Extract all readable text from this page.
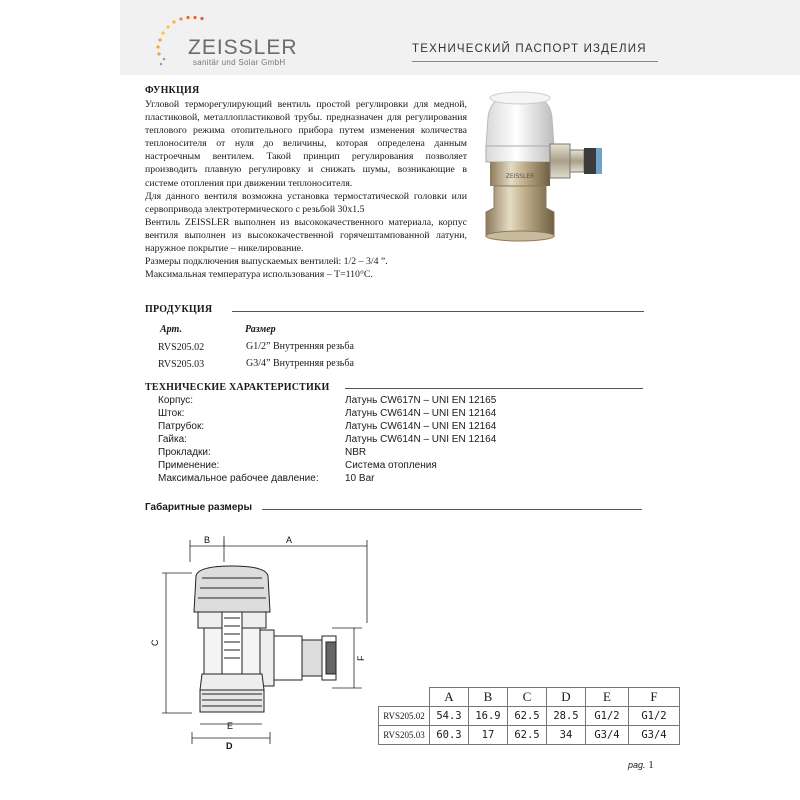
ZEISSLER
sanitär und Solar GmbH
ТЕХНИЧЕСКИЙ ПАСПОРТ ИЗДЕЛИЯ
ФУНКЦИЯ

Угловой терморегулирующий вентиль простой регулировки для медной, пластиковой, металлопластиковой трубы. предназначен для регулирования теплового режима отопительного прибора путем изменения количества теплоносителя от нуля до величины, которая определена данным настроечным вентилем. Такой принцип регулирования позволяет производить плавную регулировку и снижать шумы, возникающие в системе отопления при движении теплоносителя.

Для данного вентиля возможна установка термостатической головки или сервопривода электротермического с резьбой 30x1.5

Вентиль ZEISSLER выполнен из высококачественного материала, корпус вентиля выполнен из высококачественной горячештампованной латуни, наружное покрытие – никелирование.

Размеры подключения выпускаемых вентилей: 1/2 – 3/4 ”.

Максимальная температура использования – T=110°C.

ZEISSLER
ПРОДУКЦИЯ
Арт.	Размер
RVS205.02	G1/2” Внутренняя резьба
RVS205.03	G3/4” Внутренняя резьба
ТЕХНИЧЕСКИЕ ХАРАКТЕРИСТИКИ
Корпус:	Латунь CW617N – UNI EN 12165
Шток:	Латунь CW614N – UNI EN 12164
Патрубок:	Латунь CW614N – UNI EN 12164
Гайка:	Латунь CW614N – UNI EN 12164
Прокладки:	NBR
Применение:	Система отопления
Максимальное рабочее давление:	10 Bar
Габаритные размеры
B	A
C
F
E
D
	A	B	C	D	E	F
RVS205.02	54.3	16.9	62.5	28.5	G1/2	G1/2
RVS205.03	60.3	17	62.5	34	G3/4	G3/4
pag. 1
